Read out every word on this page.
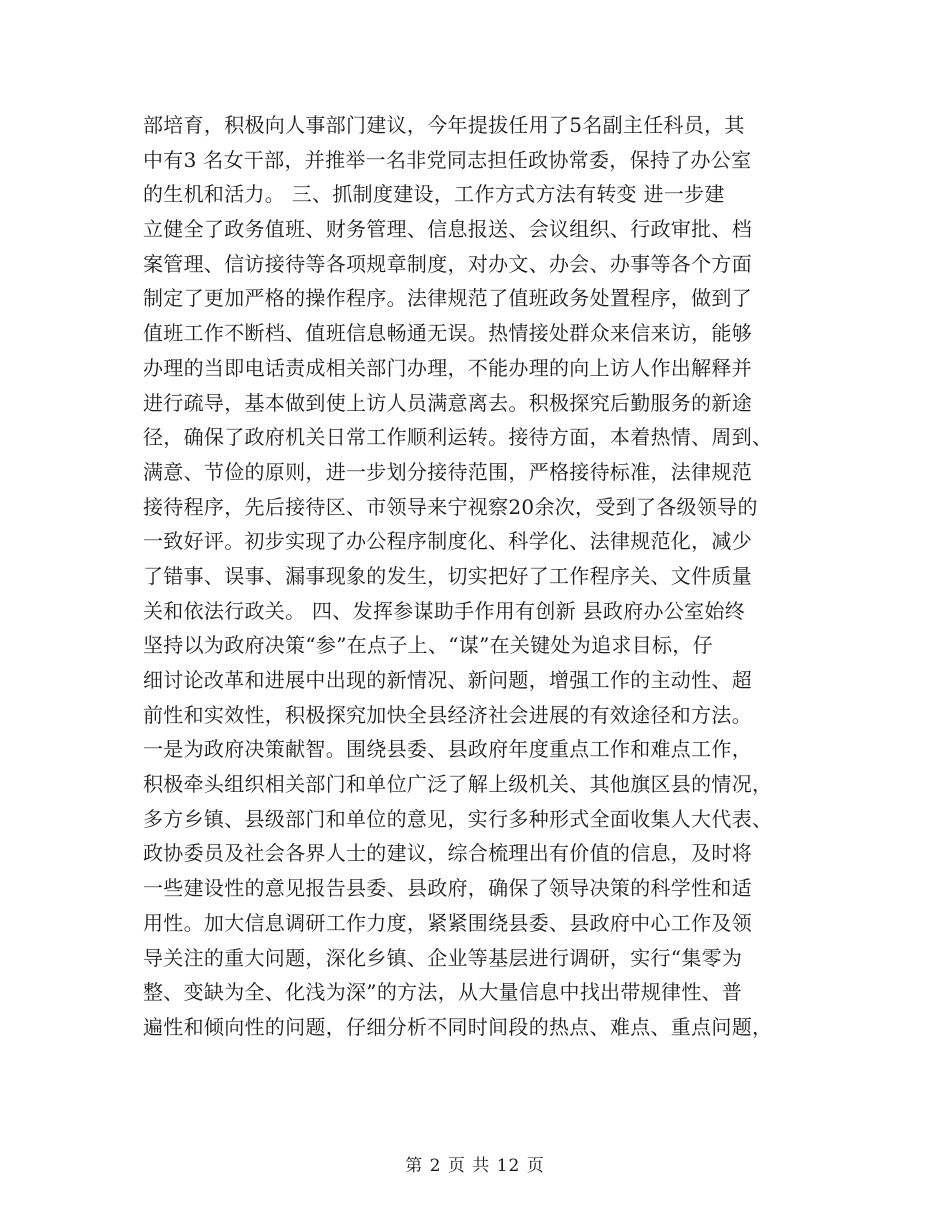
部培育，积极向人事部门建议，今年提拔任用了5名副主任科员，其
中有3 名女干部，并推举一名非党同志担任政协常委，保持了办公室
的生机和活力。 三、抓制度建设，工作方式方法有转变 进一步建
立健全了政务值班、财务管理、信息报送、会议组织、行政审批、档
案管理、信访接待等各项规章制度，对办文、办会、办事等各个方面
制定了更加严格的操作程序。法律规范了值班政务处置程序，做到了
值班工作不断档、值班信息畅通无误。热情接处群众来信来访，能够
办理的当即电话责成相关部门办理，不能办理的向上访人作出解释并
进行疏导，基本做到使上访人员满意离去。积极探究后勤服务的新途
径，确保了政府机关日常工作顺利运转。接待方面，本着热情、周到、
满意、节俭的原则，进一步划分接待范围，严格接待标准，法律规范
接待程序，先后接待区、市领导来宁视察20余次，受到了各级领导的
一致好评。初步实现了办公程序制度化、科学化、法律规范化，减少
了错事、误事、漏事现象的发生，切实把好了工作程序关、文件质量
关和依法行政关。 四、发挥参谋助手作用有创新 县政府办公室始终
坚持以为政府决策“参”在点子上、“谋”在关键处为追求目标，仔
细讨论改革和进展中出现的新情况、新问题，增强工作的主动性、超
前性和实效性，积极探究加快全县经济社会进展的有效途径和方法。
一是为政府决策献智。围绕县委、县政府年度重点工作和难点工作，
积极牵头组织相关部门和单位广泛了解上级机关、其他旗区县的情况，
多方乡镇、县级部门和单位的意见，实行多种形式全面收集人大代表、
政协委员及社会各界人士的建议，综合梳理出有价值的信息，及时将
一些建设性的意见报告县委、县政府，确保了领导决策的科学性和适
用性。加大信息调研工作力度，紧紧围绕县委、县政府中心工作及领
导关注的重大问题，深化乡镇、企业等基层进行调研，实行“集零为
整、变缺为全、化浅为深”的方法，从大量信息中找出带规律性、普
遍性和倾向性的问题，仔细分析不同时间段的热点、难点、重点问题，
第 2 页 共 12 页
